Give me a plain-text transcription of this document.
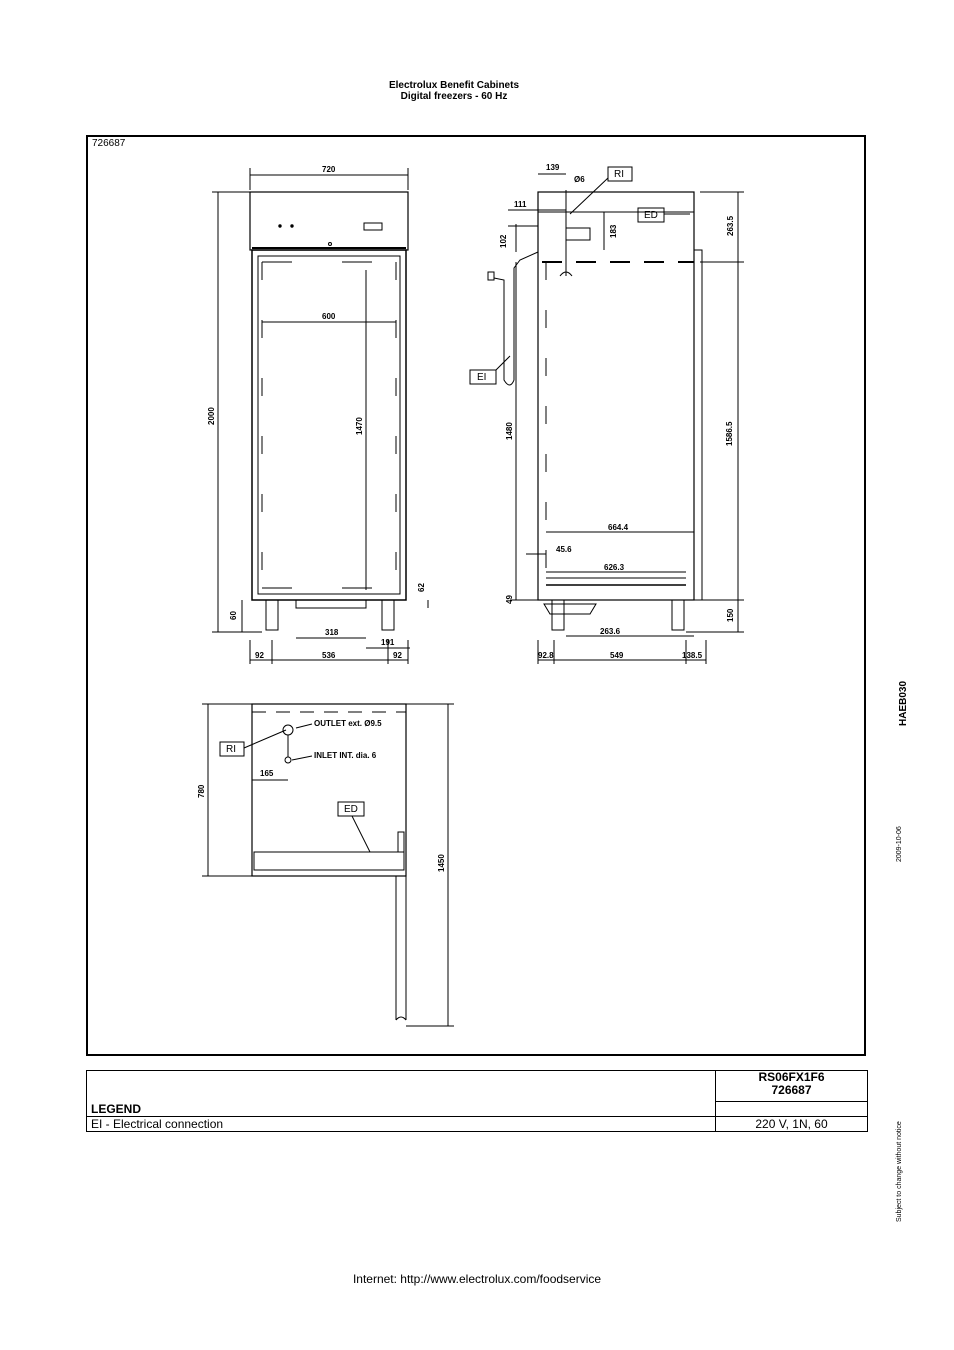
Electrolux Benefit Cabinets
Digital freezers - 60 Hz
726687
720
600
2000
1470
60
62
318
191
92	536	92
139
Ø6
111
102
183	263.5
1586.5
1480
664.4
45.6
626.3
49
150
263.6
92.8	549	138.5
RI
ED
EI
OUTLET ext. Ø9.5
INLET INT. dia. 6
165
780
1450
RI
ED
HAEB030
2009-10-06
Subject to change without notice
LEGEND	RS06FX1F6
726687

EI - Electrical connection	220 V, 1N, 60
Internet: http://www.electrolux.com/foodservice
